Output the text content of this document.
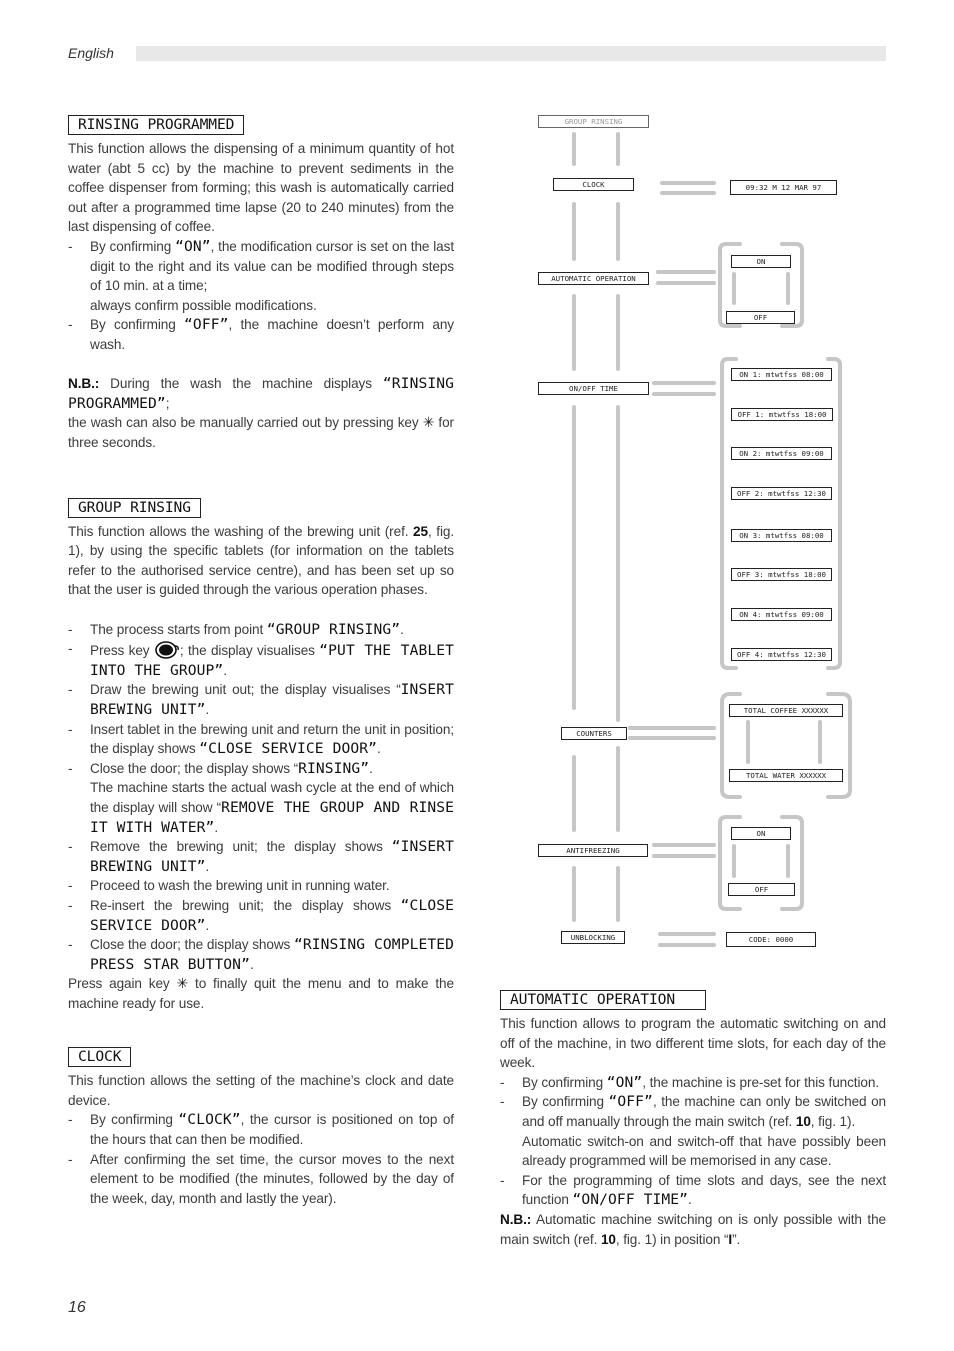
English
RINSING PROGRAMMED

This function allows the dispensing of a minimum quantity of hot water (abt 5 cc) by the machine to prevent sediments in the coffee dispenser from forming; this wash is automatically carried out after a programmed time lapse (20 to 240 minutes) from the last dispensing of coffee.

- By confirming “ON”, the modification cursor is set on the last digit to the right and its value can be modified through steps of 10 min. at a time;
always confirm possible modifications.
- By confirming “OFF”, the machine doesn’t perform any wash.

N.B.: During the wash the machine displays “RINSING PROGRAMMED”;

the wash can also be manually carried out by pressing key ✳ for three seconds.

GROUP RINSING

This function allows the washing of the brewing unit (ref. 25, fig. 1), by using the specific tablets (for information on the tablets refer to the authorised service centre), and has been set up so that the user is guided through the various operation phases.

- The process starts from point “GROUP RINSING”.
- Press key ; the display visualises “PUT THE TABLET INTO THE GROUP”.
- Draw the brewing unit out; the display visualises “INSERT BREWING UNIT”.
- Insert tablet in the brewing unit and return the unit in position; the display shows “CLOSE SERVICE DOOR”.
- Close the door; the display shows “RINSING”.
The machine starts the actual wash cycle at the end of which the display will show “REMOVE THE GROUP AND RINSE IT WITH WATER”.
- Remove the brewing unit; the display shows “INSERT BREWING UNIT”.
- Proceed to wash the brewing unit in running water.
- Re-insert the brewing unit; the display shows “CLOSE SERVICE DOOR”.
- Close the door; the display shows “RINSING COMPLETED PRESS STAR BUTTON”.

Press again key ✳ to finally quit the menu and to make the machine ready for use.

CLOCK

This function allows the setting of the machine’s clock and date device.

- By confirming “CLOCK”, the cursor is positioned on top of the hours that can then be modified.
- After confirming the set time, the cursor moves to the next element to be modified (the minutes, followed by the day of the week, day, month and lastly the year).
AUTOMATIC OPERATION

This function allows to program the automatic switching on and off of the machine, in two different time slots, for each day of the week.

- By confirming “ON”, the machine is pre-set for this function.
- By confirming “OFF”, the machine can only be switched on and off manually through the main switch (ref. 10, fig. 1).
Automatic switch-on and switch-off that have possibly been already programmed will be memorised in any case.
- For the programming of time slots and days, see the next function “ON/OFF TIME”.

N.B.: Automatic machine switching on is only possible with the main switch (ref. 10, fig. 1) in position “I”.

GROUP RINSING
CLOCK
AUTOMATIC OPERATION
ON/OFF TIME
COUNTERS
ANTIFREEZING
UNBLOCKING
09:32 M 12 MAR 97
ON
OFF
ON 1: mtwtfss 08:00
OFF 1: mtwtfss 18:00
ON 2: mtwtfss 09:00
OFF 2: mtwtfss 12:30
ON 3: mtwtfss 08:00
OFF 3: mtwtfss 18:00
ON 4: mtwtfss 09:00
OFF 4: mtwtfss 12:30
TOTAL COFFEE XXXXXX
TOTAL WATER XXXXXX
ON
OFF
CODE: 0000
16
